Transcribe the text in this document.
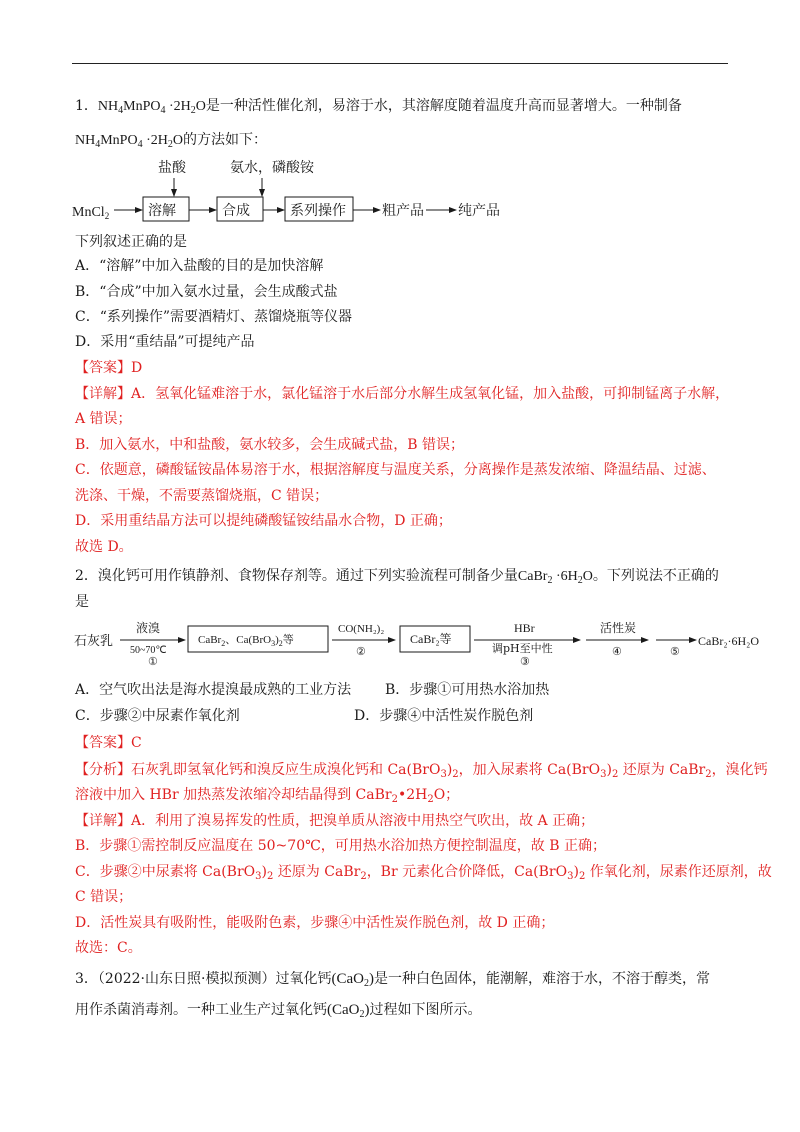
1．$NH_4MnPO_4 \cdot 2H_2O$是一种活性催化剂，易溶于水，其溶解度随着温度升高而显著增大。一种制备
$NH_4MnPO_4 \cdot 2H_2O$的方法如下：
盐酸	氨水，磷酸铵
MnCl$_2$	溶解	合成	系列操作	粗产品 纯产品
下列叙述正确的是
A．“溶解”中加入盐酸的目的是加快溶解
B．“合成”中加入氨水过量，会生成酸式盐
C．“系列操作”需要酒精灯、蒸馏烧瓶等仪器
D．采用“重结晶”可提纯产品
【答案】D
【详解】A．氢氧化锰难溶于水，氯化锰溶于水后部分水解生成氢氧化锰，加入盐酸，可抑制锰离子水解，
A 错误；
B．加入氨水，中和盐酸，氨水较多，会生成碱式盐，B 错误；
C．依题意，磷酸锰铵晶体易溶于水，根据溶解度与温度关系，分离操作是蒸发浓缩、降温结晶、过滤、
洗涤、干燥，不需要蒸馏烧瓶，C 错误；
D．采用重结晶方法可以提纯磷酸锰铵结晶水合物，D 正确；
故选 D。
2．溴化钙可用作镇静剂、食物保存剂等。通过下列实验流程可制备少量CaBr$_2$ $\cdot 6H_2O$。下列说法不正确的
是
石灰乳
液溴
50~70℃
①
CaBr$_2$、$Ca(BrO_3)_2$等
CO(NH₂)₂
②
CaBr₂等
HBr
调pH至中性
③
活性炭
④	⑤
CaBr₂·6H₂O
A．空气吹出法是海水提溴最成熟的工业方法 B．步骤①可用热水浴加热
C．步骤②中尿素作氧化剂	D．步骤④中活性炭作脱色剂
【答案】C
【分析】石灰乳即氢氧化钙和溴反应生成溴化钙和 $Ca(BrO_3)_2$，加入尿素将 $Ca(BrO_3)_2$ 还原为 CaBr$_2$，溴化钙
溶液中加入 HBr 加热蒸发浓缩冷却结晶得到 $CaBr_2•2H_2O$；
【详解】A．利用了溴易挥发的性质，把溴单质从溶液中用热空气吹出，故 A 正确；
B．步骤①需控制反应温度在 50~70℃，可用热水浴加热方便控制温度，故 B 正确；
C．步骤②中尿素将 $Ca(BrO_3)_2$ 还原为 CaBr$_2$，Br 元素化合价降低，$Ca(BrO_3)_2$ 作氧化剂，尿素作还原剂，故
C 错误；
D．活性炭具有吸附性，能吸附色素，步骤④中活性炭作脱色剂，故 D 正确；
故选：C。
3．（2022·山东日照·模拟预测）过氧化钙(CaO$_2$)是一种白色固体，能潮解，难溶于水，不溶于醇类，常
用作杀菌消毒剂。一种工业生产过氧化钙(CaO$_2$)过程如下图所示。
